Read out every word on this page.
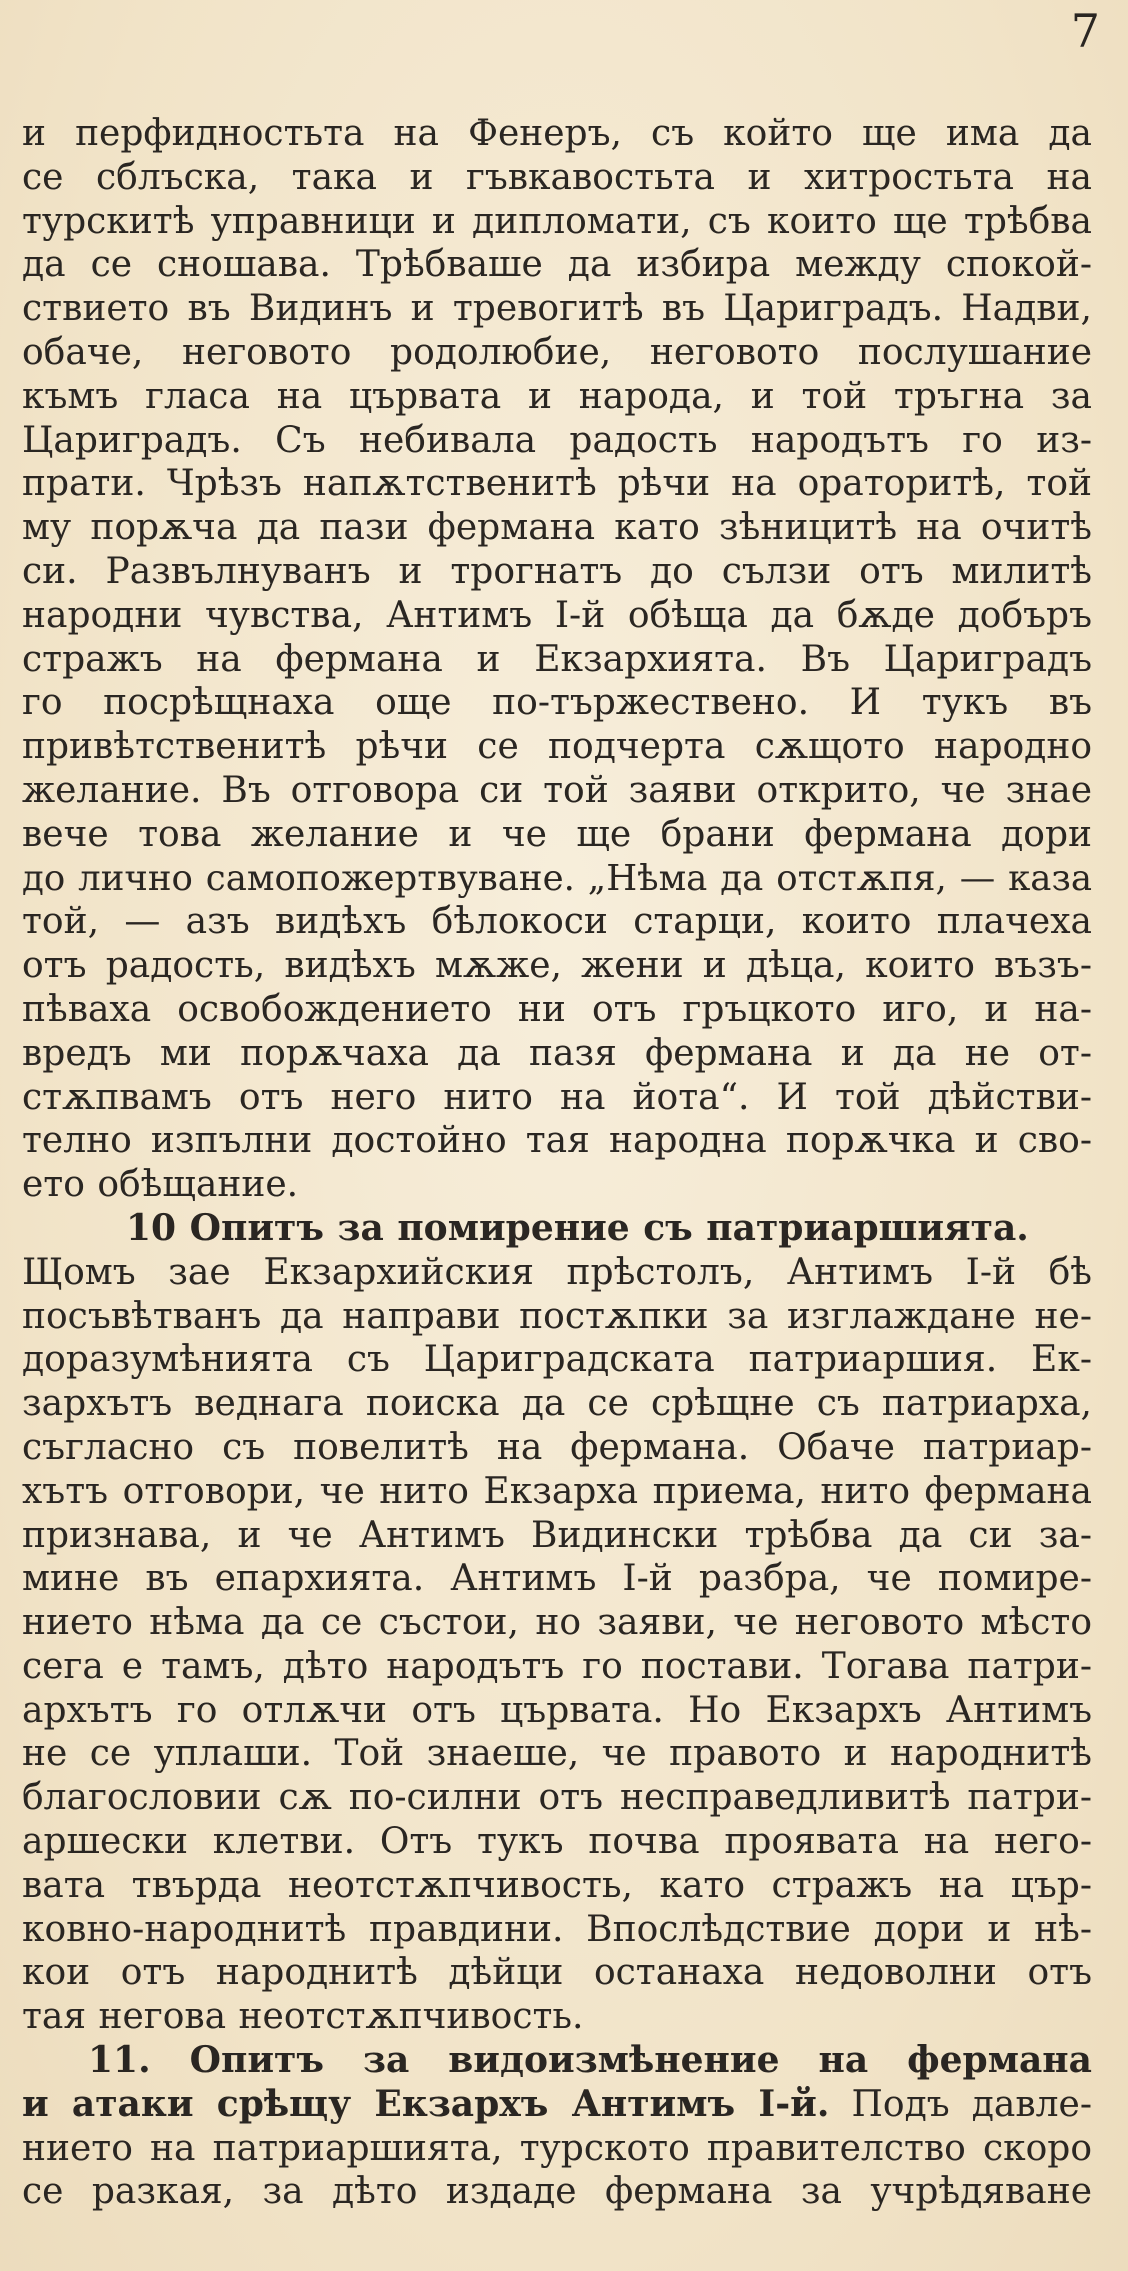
7
и перфидностьта на Фенеръ, съ който ще има да
се сблъска, така и гъвкавостьта и хитростьта на
турскитѣ управници и дипломати, съ които ще трѣбва
да се сношава. Трѣбваше да избира между спокой-
ствието въ Видинъ и тревогитѣ въ Цариградъ. Надви,
обаче, неговото родолюбие, неговото послушание
къмъ гласа на цървата и народа, и той тръгна за
Цариградъ. Съ небивала радость народътъ го из-
прати. Чрѣзъ напѫтственитѣ рѣчи на ораторитѣ, той
му порѫча да пази фермана като зѣницитѣ на очитѣ
си. Развълнуванъ и трогнатъ до сълзи отъ милитѣ
народни чувства, Антимъ I-й обѣща да бѫде добъръ
стражъ на фермана и Екзархията. Въ Цариградъ
го посрѣщнаха още по-тържествено. И тукъ въ
привѣтственитѣ рѣчи се подчерта сѫщото народно
желание. Въ отговора си той заяви открито, че знае
вече това желание и че ще брани фермана дори
до лично самопожертвуване. „Нѣма да отстѫпя, — каза
той, — азъ видѣхъ бѣлокоси старци, които плачеха
отъ радость, видѣхъ мѫже, жени и дѣца, които възъ-
пѣваха освобождението ни отъ гръцкото иго, и на-
вредъ ми порѫчаха да пазя фермана и да не от-
стѫпвамъ отъ него нито на йота“. И той дѣйстви-
телно изпълни достойно тая народна порѫчка и сво-
ето обѣщание.
10 Опитъ за помирение съ патриаршията.
Щомъ зае Екзархийския прѣстолъ, Антимъ I-й бѣ
посъвѣтванъ да направи постѫпки за изглаждане не-
доразумѣнията съ Цариградската патриаршия. Ек-
зархътъ веднага поиска да се срѣщне съ патриарха,
съгласно съ повелитѣ на фермана. Обаче патриар-
хътъ отговори, че нито Екзарха приема, нито фермана
признава, и че Антимъ Видински трѣбва да си за-
мине въ епархията. Антимъ I-й разбра, че помире-
нието нѣма да се състои, но заяви, че неговото мѣсто
сега е тамъ, дѣто народътъ го постави. Тогава патри-
архътъ го отлѫчи отъ цървата. Но Екзархъ Антимъ
не се уплаши. Той знаеше, че правото и народнитѣ
благословии сѫ по-силни отъ несправедливитѣ патри-
аршески клетви. Отъ тукъ почва проявата на него-
вата твърда неотстѫпчивость, като стражъ на цър-
ковно-народнитѣ правдини. Впослѣдствие дори и нѣ-
кои отъ народнитѣ дѣйци останаха недоволни отъ
тая негова неотстѫпчивость.
11. Опитъ за видоизмѣнение на фермана
и атаки срѣщу Екзархъ Антимъ I-й. Подъ давле-
нието на патриаршията, турското правителство скоро
се разкая, за дѣто издаде фермана за учрѣдяване
